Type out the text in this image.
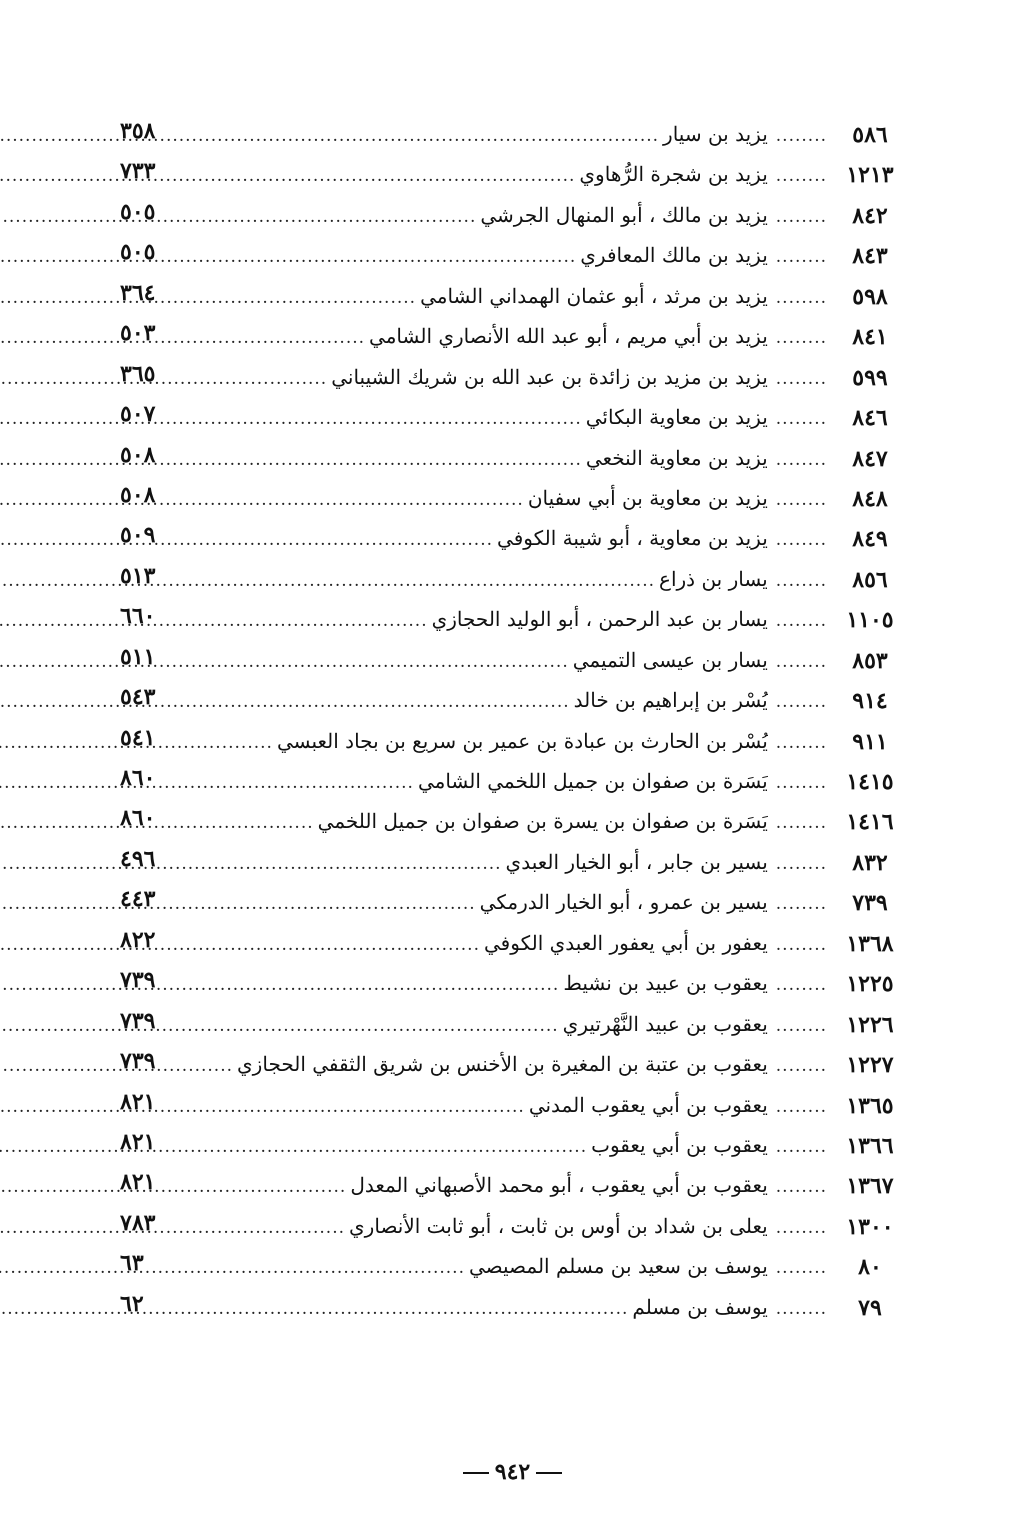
٥٨٦
........
يزيد بن سيار
.....
٣٥٨
١٢١٣
........
يزيد بن شجرة الرُّهاوي
.....
٧٣٣
٨٤٢
........
يزيد بن مالك ، أبو المنهال الجرشي
.....
٥٠٥
٨٤٣
........
يزيد بن مالك المعافري
.....
٥٠٥
٥٩٨
........
يزيد بن مرثد ، أبو عثمان الهمداني الشامي
.....
٣٦٤
٨٤١
........
يزيد بن أبي مريم ، أبو عبد الله الأنصاري الشامي
.....
٥٠٣
٥٩٩
........
يزيد بن مزيد بن زائدة بن عبد الله بن شريك الشيباني
.....
٣٦٥
٨٤٦
........
يزيد بن معاوية البكائي
.....
٥٠٧
٨٤٧
........
يزيد بن معاوية النخعي
.....
٥٠٨
٨٤٨
........
يزيد بن معاوية بن أبي سفيان
.....
٥٠٨
٨٤٩
........
يزيد بن معاوية ، أبو شيبة الكوفي
.....
٥٠٩
٨٥٦
........
يسار بن ذراع
.....
٥١٣
١١٠٥
........
يسار بن عبد الرحمن ، أبو الوليد الحجازي
.....
٦٦٠
٨٥٣
........
يسار بن عيسى التميمي
.....
٥١١
٩١٤
........
يُسْر بن إبراهيم بن خالد
.....
٥٤٣
٩١١
........
يُسْر بن الحارث بن عبادة بن عمير بن سريع بن بجاد العبسي
.....
٥٤١
١٤١٥
........
يَسَرة بن صفوان بن جميل اللخمي الشامي
.....
٨٦٠
١٤١٦
........
يَسَرة بن صفوان بن يسرة بن صفوان بن جميل اللخمي
.....
٨٦٠
٨٣٢
........
يسير بن جابر ، أبو الخيار العبدي
.....
٤٩٦
٧٣٩
........
يسير بن عمرو ، أبو الخيار الدرمكي
.....
٤٤٣
١٣٦٨
........
يعفور بن أبي يعفور العبدي الكوفي
.....
٨٢٢
١٢٢٥
........
يعقوب بن عبيد بن نشيط
.....
٧٣٩
١٢٢٦
........
يعقوب بن عبيد النَّهْرتيري
.....
٧٣٩
١٢٢٧
........
يعقوب بن عتبة بن المغيرة بن الأخنس بن شريق الثقفي الحجازي
.....
٧٣٩
١٣٦٥
........
يعقوب بن أبي يعقوب المدني
.....
٨٢١
١٣٦٦
........
يعقوب بن أبي يعقوب
.....
٨٢١
١٣٦٧
........
يعقوب بن أبي يعقوب ، أبو محمد الأصبهاني المعدل
.....
٨٢١
١٣٠٠
........
يعلى بن شداد بن أوس بن ثابت ، أبو ثابت الأنصاري
.....
٧٨٣
٨٠
........
يوسف بن سعيد بن مسلم المصيصي
.....
٦٣
٧٩
........
يوسف بن مسلم
.....
٦٢
٩٤٢
